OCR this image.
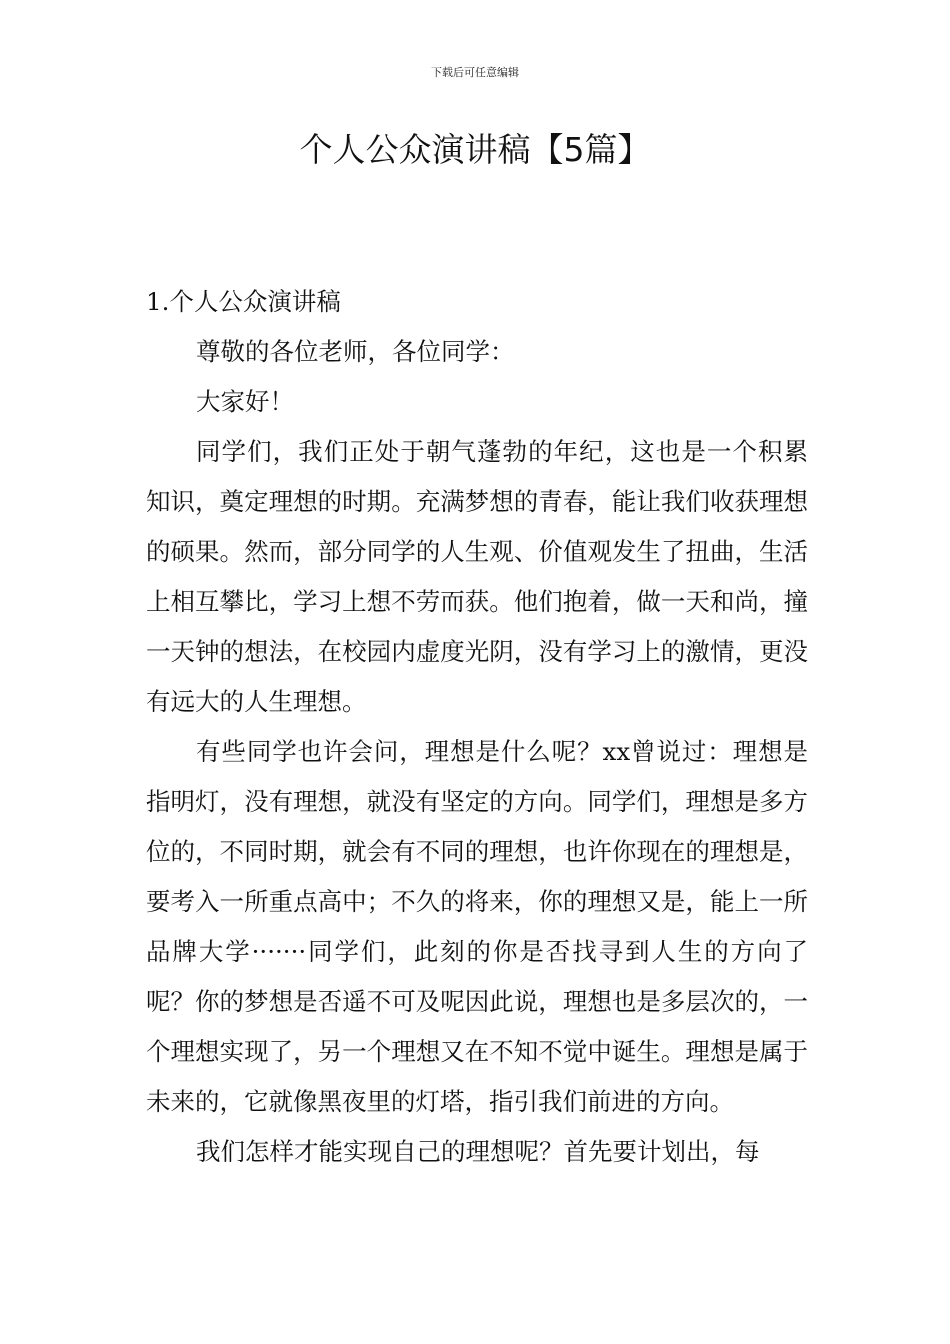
下载后可任意编辑
个人公众演讲稿【5篇】

1.个人公众演讲稿

尊敬的各位老师，各位同学：

大家好！

同学们，我们正处于朝气蓬勃的年纪，这也是一个积累知识，奠定理想的时期。充满梦想的青春，能让我们收获理想的硕果。然而，部分同学的人生观、价值观发生了扭曲，生活上相互攀比，学习上想不劳而获。他们抱着，做一天和尚，撞一天钟的想法，在校园内虚度光阴，没有学习上的激情，更没有远大的人生理想。

有些同学也许会问，理想是什么呢？xx曾说过：理想是指明灯，没有理想，就没有坚定的方向。同学们，理想是多方位的，不同时期，就会有不同的理想，也许你现在的理想是，要考入一所重点高中；不久的将来，你的理想又是，能上一所品牌大学·······同学们，此刻的你是否找寻到人生的方向了呢？你的梦想是否遥不可及呢因此说，理想也是多层次的，一个理想实现了，另一个理想又在不知不觉中诞生。理想是属于未来的，它就像黑夜里的灯塔，指引我们前进的方向。

我们怎样才能实现自己的理想呢？首先要计划出，每
